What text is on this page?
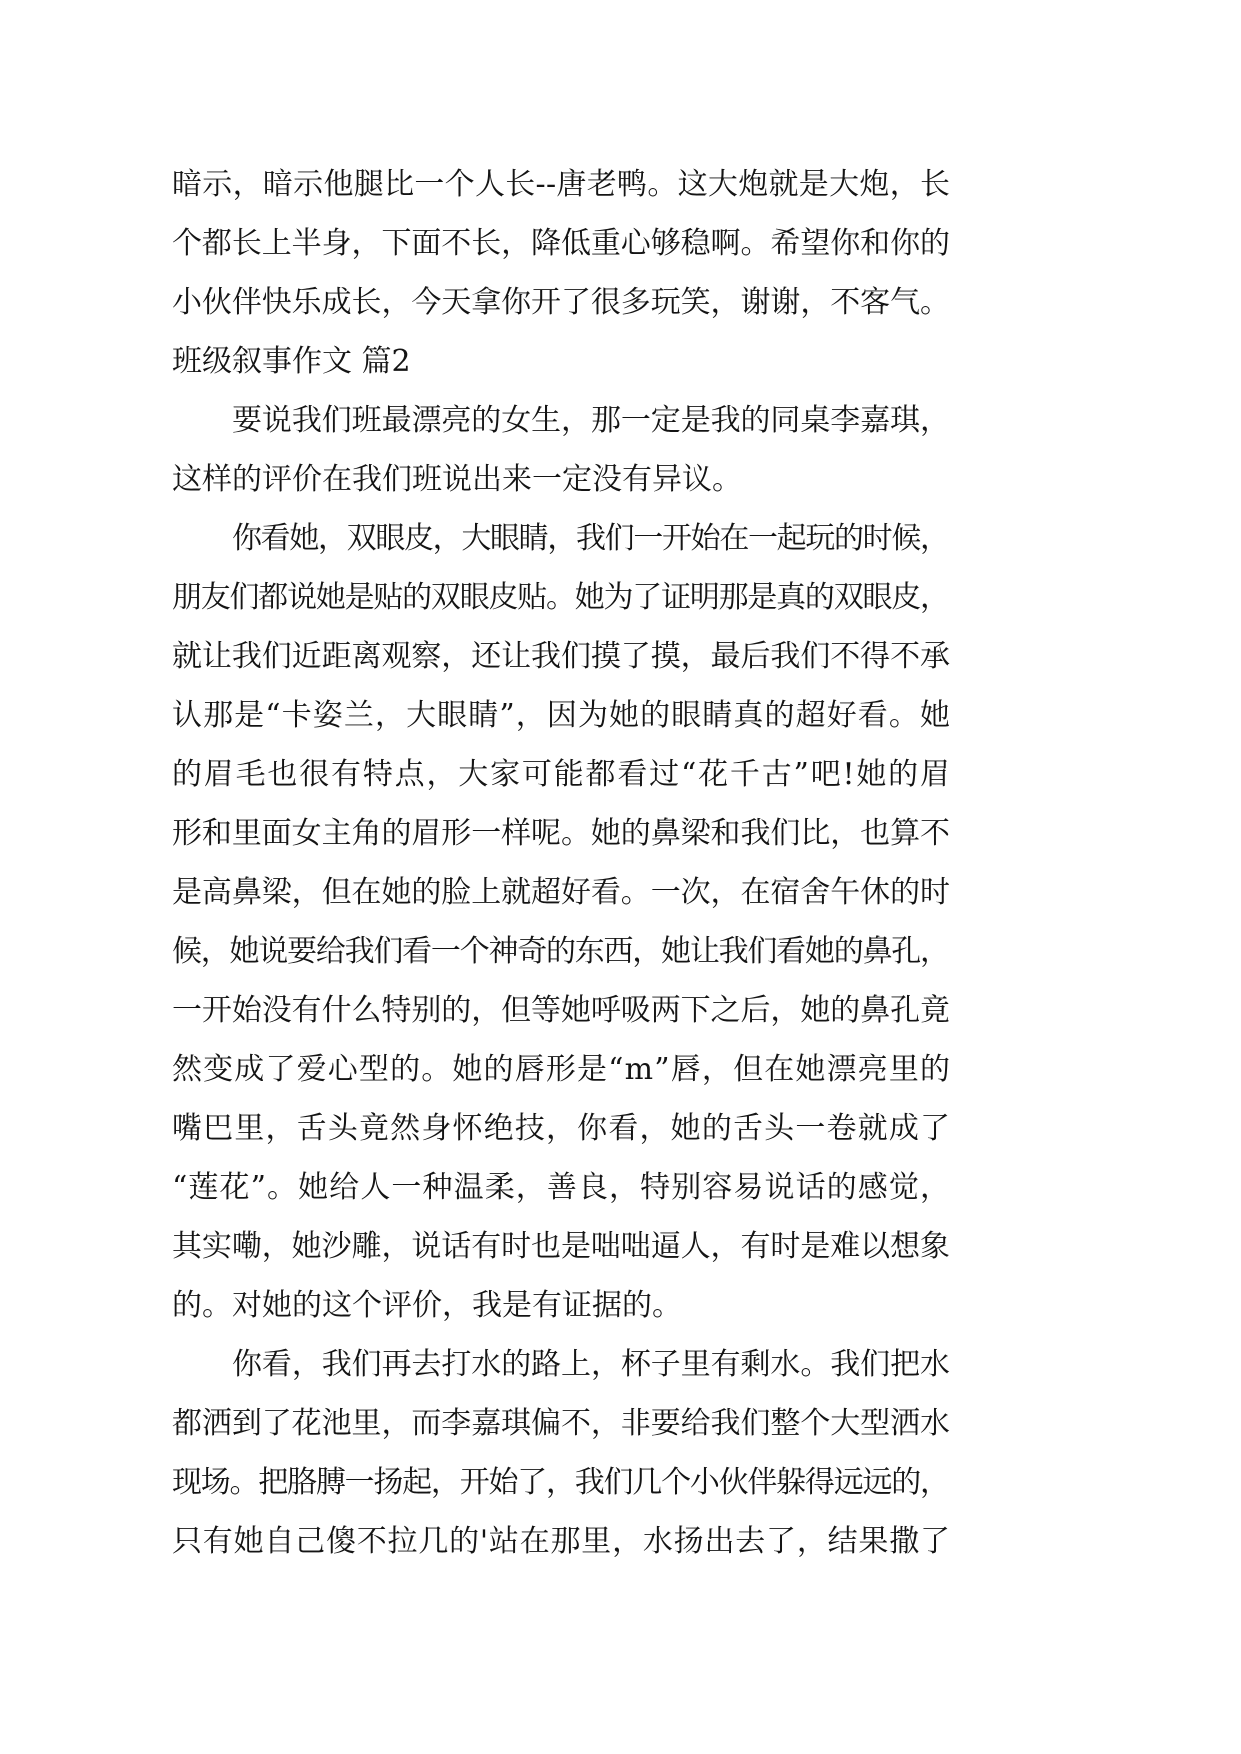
暗示，暗示他腿比一个人长--唐老鸭。这大炮就是大炮，长
个都长上半身，下面不长，降低重心够稳啊。希望你和你的
小伙伴快乐成长，今天拿你开了很多玩笑，谢谢，不客气。
班级叙事作文 篇2
要说我们班最漂亮的女生，那一定是我的同桌李嘉琪，
这样的评价在我们班说出来一定没有异议。
你看她，双眼皮，大眼睛，我们一开始在一起玩的时候，
朋友们都说她是贴的双眼皮贴。她为了证明那是真的双眼皮，
就让我们近距离观察，还让我们摸了摸，最后我们不得不承
认那是“卡姿兰，大眼睛”，因为她的眼睛真的超好看。她
的眉毛也很有特点，大家可能都看过“花千古”吧!她的眉
形和里面女主角的眉形一样呢。她的鼻梁和我们比，也算不
是高鼻梁，但在她的脸上就超好看。一次，在宿舍午休的时
候，她说要给我们看一个神奇的东西，她让我们看她的鼻孔，
一开始没有什么特别的，但等她呼吸两下之后，她的鼻孔竟
然变成了爱心型的。她的唇形是“m”唇，但在她漂亮里的
嘴巴里，舌头竟然身怀绝技，你看，她的舌头一卷就成了
“莲花”。她给人一种温柔，善良，特别容易说话的感觉，
其实嘞，她沙雕，说话有时也是咄咄逼人，有时是难以想象
的。对她的这个评价，我是有证据的。
你看，我们再去打水的路上，杯子里有剩水。我们把水
都洒到了花池里，而李嘉琪偏不，非要给我们整个大型洒水
现场。把胳膊一扬起，开始了，我们几个小伙伴躲得远远的，
只有她自己傻不拉几的'站在那里，水扬出去了，结果撒了
